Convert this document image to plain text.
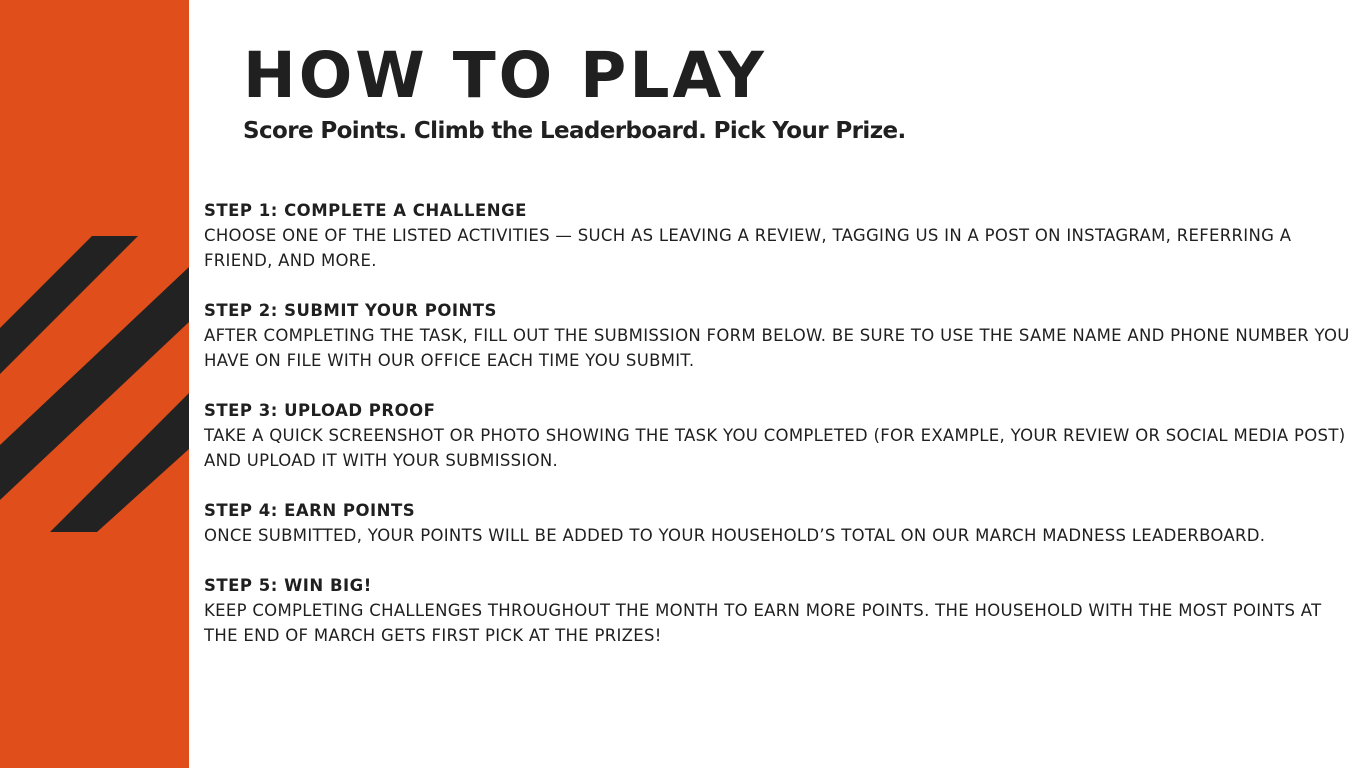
HOW TO PLAY
Score Points. Climb the Leaderboard. Pick Your Prize.
STEP 1: COMPLETE A CHALLENGE
CHOOSE ONE OF THE LISTED ACTIVITIES — SUCH AS LEAVING A REVIEW, TAGGING US IN A POST ON INSTAGRAM, REFERRING A FRIEND, AND MORE.
STEP 2: SUBMIT YOUR POINTS
AFTER COMPLETING THE TASK, FILL OUT THE SUBMISSION FORM BELOW. BE SURE TO USE THE SAME NAME AND PHONE NUMBER YOU HAVE ON FILE WITH OUR OFFICE EACH TIME YOU SUBMIT.
STEP 3: UPLOAD PROOF
TAKE A QUICK SCREENSHOT OR PHOTO SHOWING THE TASK YOU COMPLETED (FOR EXAMPLE, YOUR REVIEW OR SOCIAL MEDIA POST) AND UPLOAD IT WITH YOUR SUBMISSION.
STEP 4: EARN POINTS
ONCE SUBMITTED, YOUR POINTS WILL BE ADDED TO YOUR HOUSEHOLD’S TOTAL ON OUR MARCH MADNESS LEADERBOARD.
STEP 5: WIN BIG!
KEEP COMPLETING CHALLENGES THROUGHOUT THE MONTH TO EARN MORE POINTS. THE HOUSEHOLD WITH THE MOST POINTS AT THE END OF MARCH GETS FIRST PICK AT THE PRIZES!
